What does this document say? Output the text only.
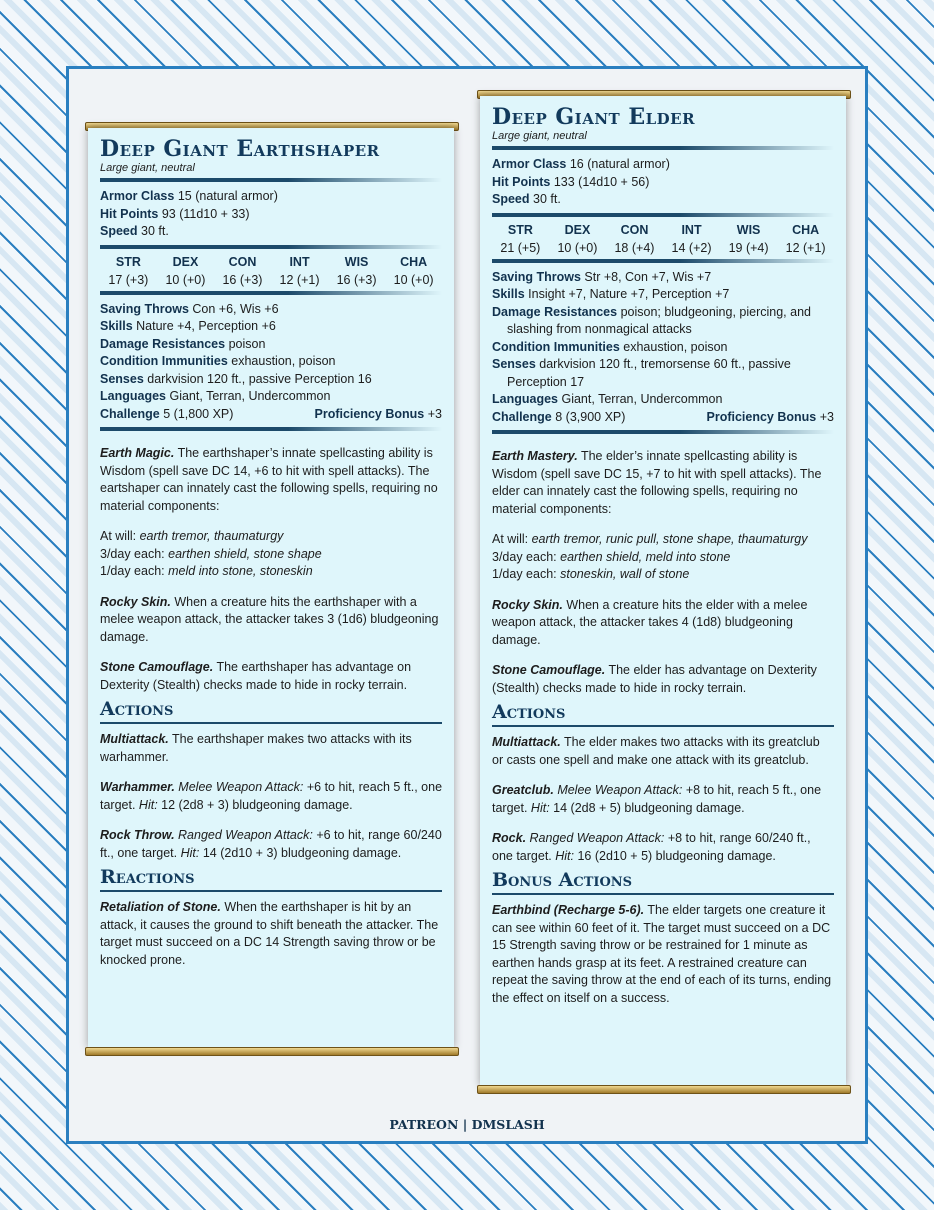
Deep Giant Earthshaper

Large giant, neutral

Armor Class 15 (natural armor)

Hit Points 93 (11d10 + 33)

Speed 30 ft.

STR	DEX	CON	INT	WIS	CHA
17 (+3)	10 (+0)	16 (+3)	12 (+1)	16 (+3)	10 (+0)

Saving Throws Con +6, Wis +6

Skills Nature +4, Perception +6

Damage Resistances poison

Condition Immunities exhaustion, poison

Senses darkvision 120 ft., passive Perception 16

Languages Giant, Terran, Undercommon

Challenge 5 (1,800 XP)	Proficiency Bonus +3

Earth Magic. The earthshaper’s innate spellcasting ability is Wisdom (spell save DC 14, +6 to hit with spell attacks). The eartshaper can innately cast the following spells, requiring no material components:

At will: earth tremor, thaumaturgy

3/day each: earthen shield, stone shape

1/day each: meld into stone, stoneskin

Rocky Skin. When a creature hits the earthshaper with a melee weapon attack, the attacker takes 3 (1d6) bludgeoning damage.

Stone Camouflage. The earthshaper has advantage on Dexterity (Stealth) checks made to hide in rocky terrain.

Actions

Multiattack. The earthshaper makes two attacks with its warhammer.

Warhammer. Melee Weapon Attack: +6 to hit, reach 5 ft., one target. Hit: 12 (2d8 + 3) bludgeoning damage.

Rock Throw. Ranged Weapon Attack: +6 to hit, range 60/240 ft., one target. Hit: 14 (2d10 + 3) bludgeoning damage.

Reactions

Retaliation of Stone. When the earthshaper is hit by an attack, it causes the ground to shift beneath the attacker. The target must succeed on a DC 14 Strength saving throw or be knocked prone.

Deep Giant Elder

Large giant, neutral

Armor Class 16 (natural armor)

Hit Points 133 (14d10 + 56)

Speed 30 ft.

STR	DEX	CON	INT	WIS	CHA
21 (+5)	10 (+0)	18 (+4)	14 (+2)	19 (+4)	12 (+1)

Saving Throws Str +8, Con +7, Wis +7

Skills Insight +7, Nature +7, Perception +7

Damage Resistances poison; bludgeoning, piercing, and

slashing from nonmagical attacks

Condition Immunities exhaustion, poison

Senses darkvision 120 ft., tremorsense 60 ft., passive

Perception 17

Languages Giant, Terran, Undercommon

Challenge 8 (3,900 XP)	Proficiency Bonus +3

Earth Mastery. The elder’s innate spellcasting ability is Wisdom (spell save DC 15, +7 to hit with spell attacks). The elder can innately cast the following spells, requiring no material components:

At will: earth tremor, runic pull, stone shape, thaumaturgy

3/day each: earthen shield, meld into stone

1/day each: stoneskin, wall of stone

Rocky Skin. When a creature hits the elder with a melee weapon attack, the attacker takes 4 (1d8) bludgeoning damage.

Stone Camouflage. The elder has advantage on Dexterity (Stealth) checks made to hide in rocky terrain.

Actions

Multiattack. The elder makes two attacks with its greatclub or casts one spell and make one attack with its greatclub.

Greatclub. Melee Weapon Attack: +8 to hit, reach 5 ft., one target. Hit: 14 (2d8 + 5) bludgeoning damage.

Rock. Ranged Weapon Attack: +8 to hit, range 60/240 ft., one target. Hit: 16 (2d10 + 5) bludgeoning damage.

Bonus Actions

Earthbind (Recharge 5-6). The elder targets one creature it can see within 60 feet of it. The target must succeed on a DC 15 Strength saving throw or be restrained for 1 minute as earthen hands grasp at its feet. A restrained creature can repeat the saving throw at the end of each of its turns, ending the effect on itself on a success.

PATREON | DMSLASH
